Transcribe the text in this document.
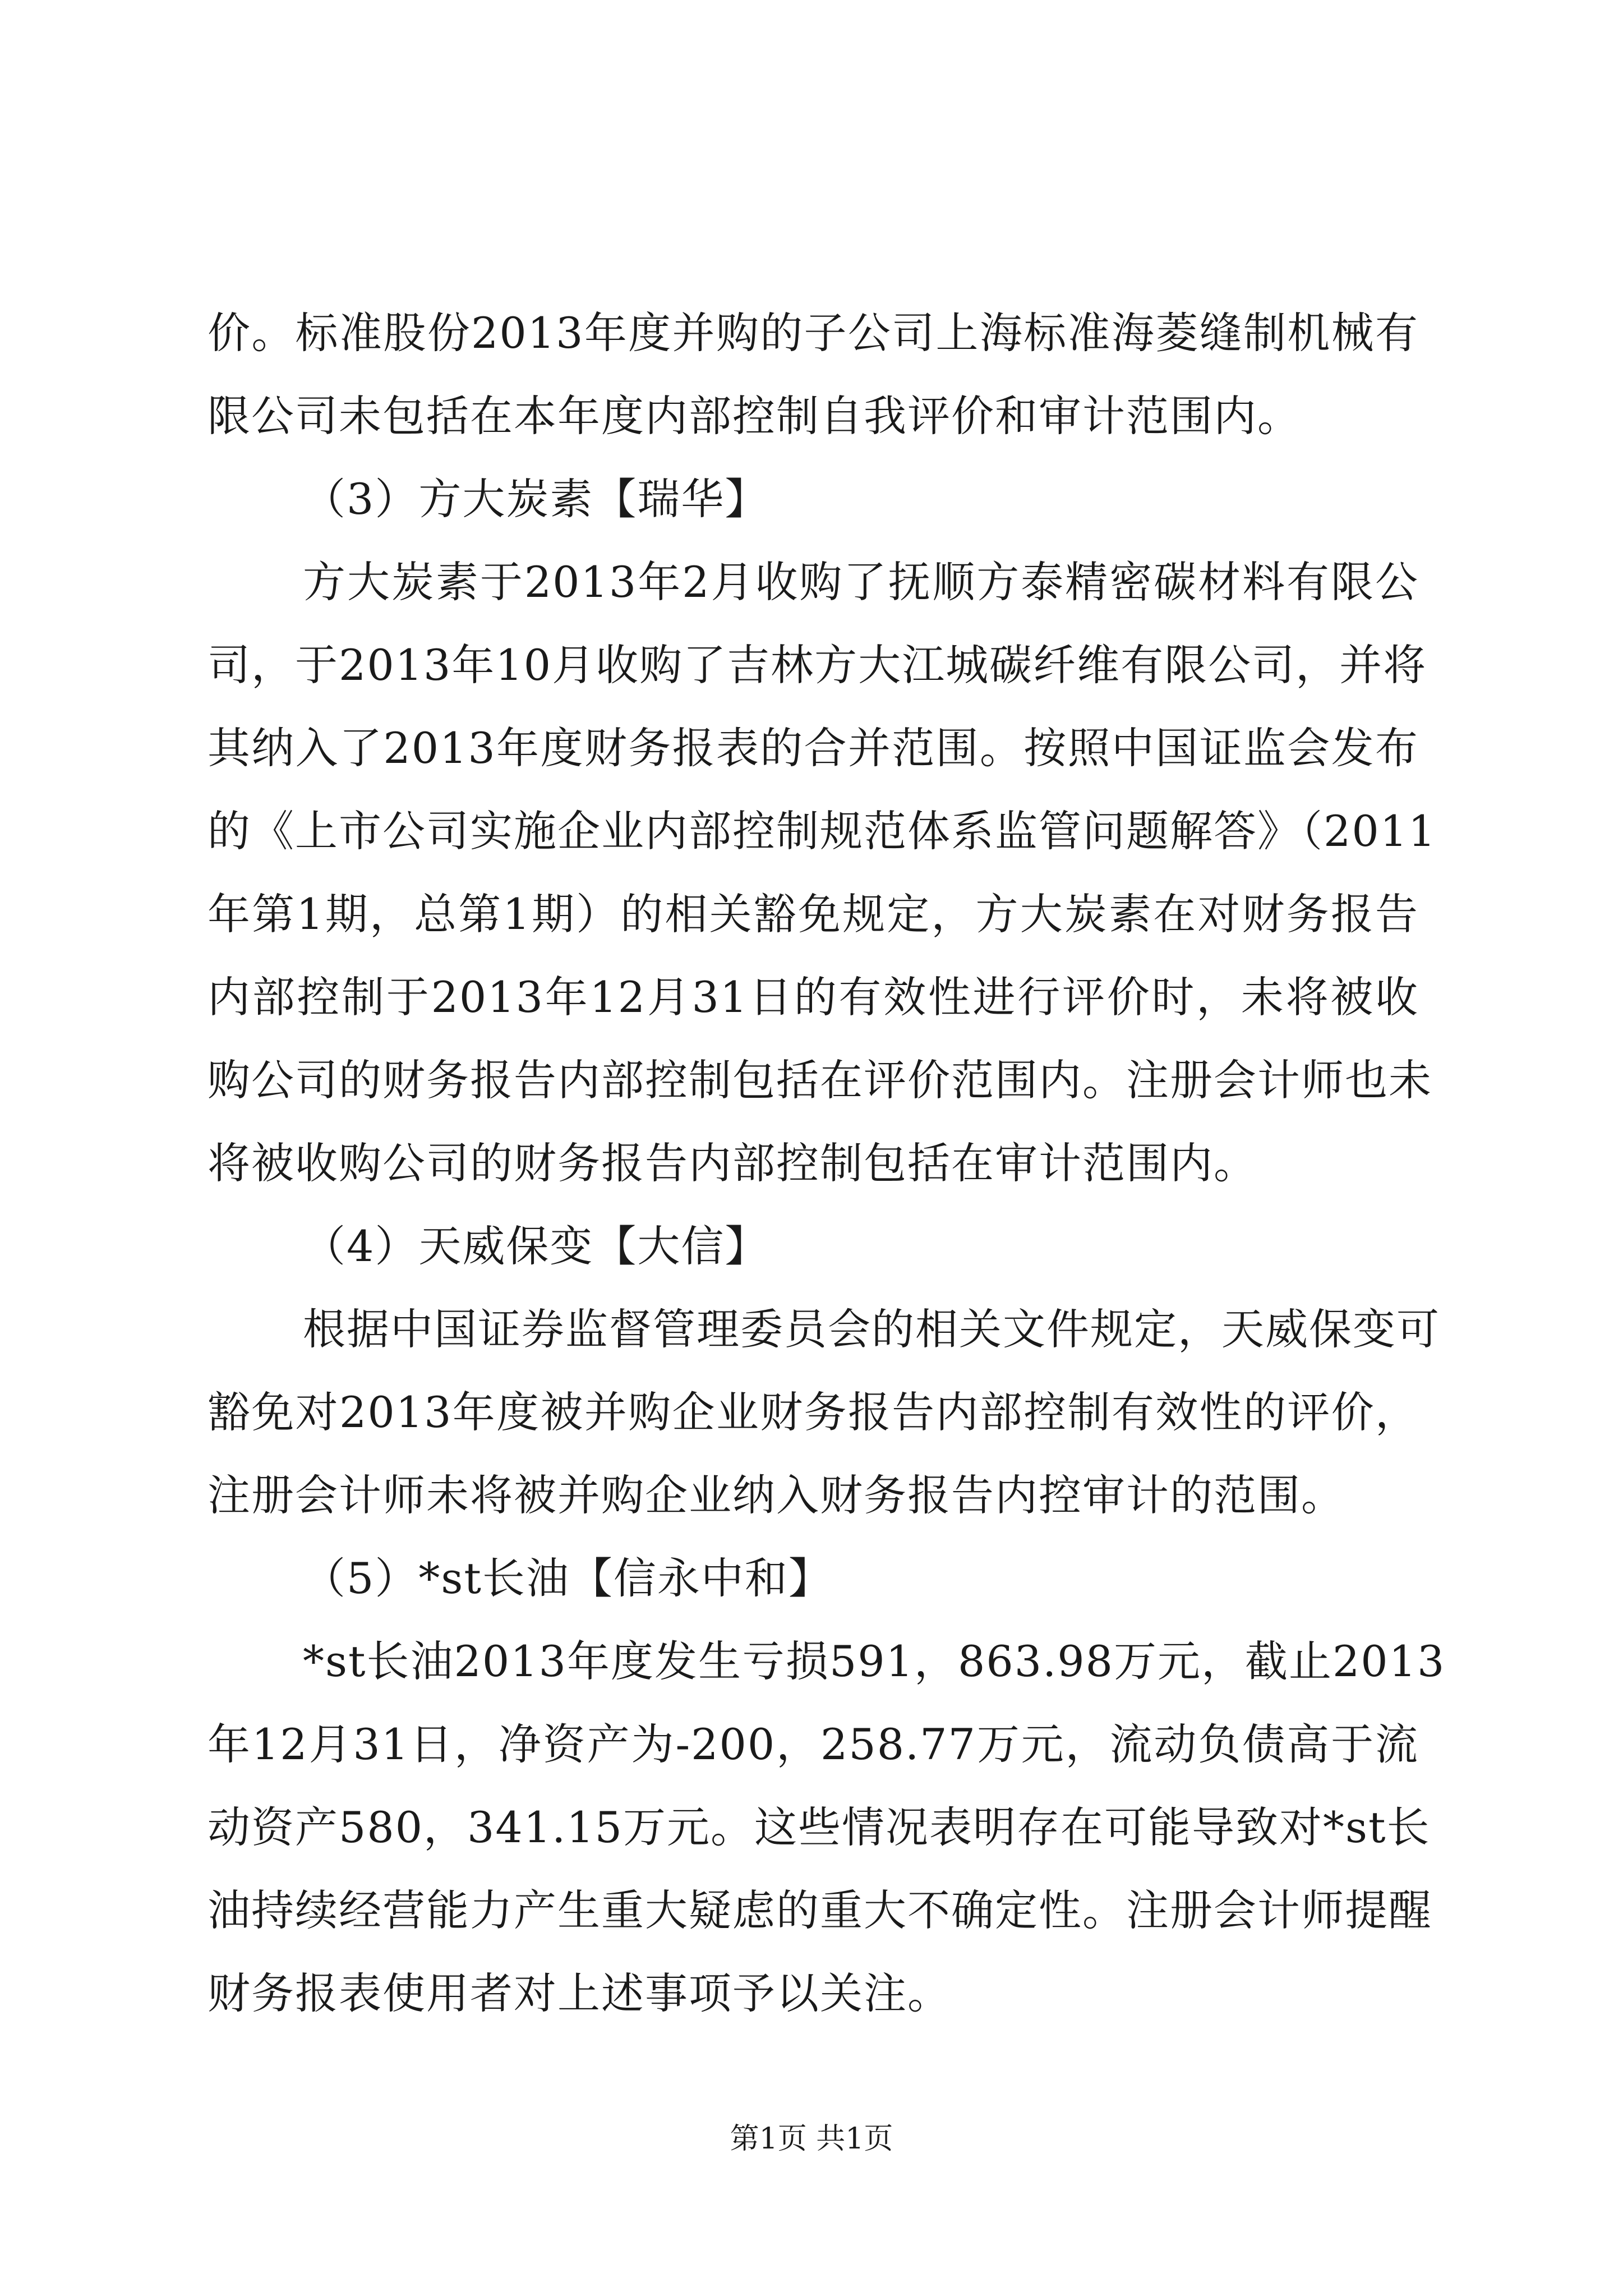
价。标准股份2013年度并购的子公司上海标准海菱缝制机械有

限公司未包括在本年度内部控制自我评价和审计范围内。

（3）方大炭素【瑞华】

方大炭素于2013年2月收购了抚顺方泰精密碳材料有限公

司，于2013年10月收购了吉林方大江城碳纤维有限公司，并将

其纳入了2013年度财务报表的合并范围。按照中国证监会发布

的《上市公司实施企业内部控制规范体系监管问题解答》（2011

年第1期，总第1期）的相关豁免规定，方大炭素在对财务报告

内部控制于2013年12月31日的有效性进行评价时，未将被收

购公司的财务报告内部控制包括在评价范围内。注册会计师也未

将被收购公司的财务报告内部控制包括在审计范围内。

（4）天威保变【大信】

根据中国证券监督管理委员会的相关文件规定，天威保变可

豁免对2013年度被并购企业财务报告内部控制有效性的评价，

注册会计师未将被并购企业纳入财务报告内控审计的范围。

（5）*st长油【信永中和】

*st长油2013年度发生亏损591，863.98万元，截止2013

年12月31日，净资产为-200，258.77万元，流动负债高于流

动资产580，341.15万元。这些情况表明存在可能导致对*st长

油持续经营能力产生重大疑虑的重大不确定性。注册会计师提醒

财务报表使用者对上述事项予以关注。

第1页 共1页
